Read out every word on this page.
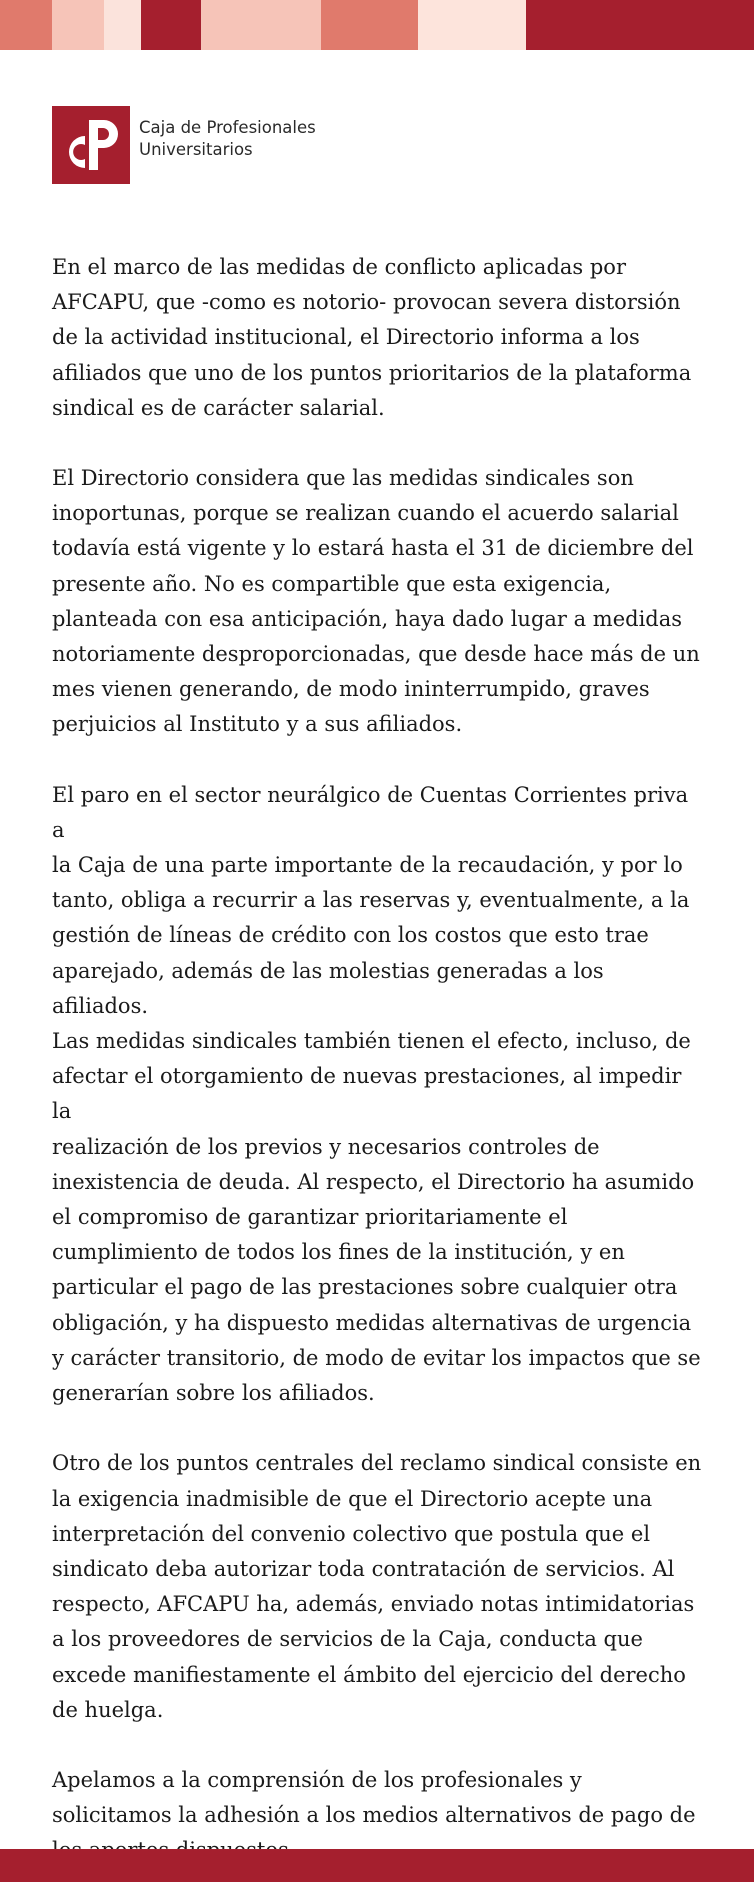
Caja de Profesionales
Universitarios

En el marco de las medidas de conflicto aplicadas por
AFCAPU, que -como es notorio- provocan severa distorsión
de la actividad institucional, el Directorio informa a los
afiliados que uno de los puntos prioritarios de la plataforma
sindical es de carácter salarial.

El Directorio considera que las medidas sindicales son
inoportunas, porque se realizan cuando el acuerdo salarial
todavía está vigente y lo estará hasta el 31 de diciembre del
presente año. No es compartible que esta exigencia,
planteada con esa anticipación, haya dado lugar a medidas
notoriamente desproporcionadas, que desde hace más de un
mes vienen generando, de modo ininterrumpido, graves
perjuicios al Instituto y a sus afiliados.

El paro en el sector neurálgico de Cuentas Corrientes priva a
la Caja de una parte importante de la recaudación, y por lo
tanto, obliga a recurrir a las reservas y, eventualmente, a la
gestión de líneas de crédito con los costos que esto trae
aparejado, además de las molestias generadas a los afiliados.
Las medidas sindicales también tienen el efecto, incluso, de
afectar el otorgamiento de nuevas prestaciones, al impedir la
realización de los previos y necesarios controles de
inexistencia de deuda. Al respecto, el Directorio ha asumido
el compromiso de garantizar prioritariamente el
cumplimiento de todos los fines de la institución, y en
particular el pago de las prestaciones sobre cualquier otra
obligación, y ha dispuesto medidas alternativas de urgencia
y carácter transitorio, de modo de evitar los impactos que se
generarían sobre los afiliados.

Otro de los puntos centrales del reclamo sindical consiste en
la exigencia inadmisible de que el Directorio acepte una
interpretación del convenio colectivo que postula que el
sindicato deba autorizar toda contratación de servicios. Al
respecto, AFCAPU ha, además, enviado notas intimidatorias
a los proveedores de servicios de la Caja, conducta que
excede manifiestamente el ámbito del ejercicio del derecho
de huelga.

Apelamos a la comprensión de los profesionales y
solicitamos la adhesión a los medios alternativos de pago de
